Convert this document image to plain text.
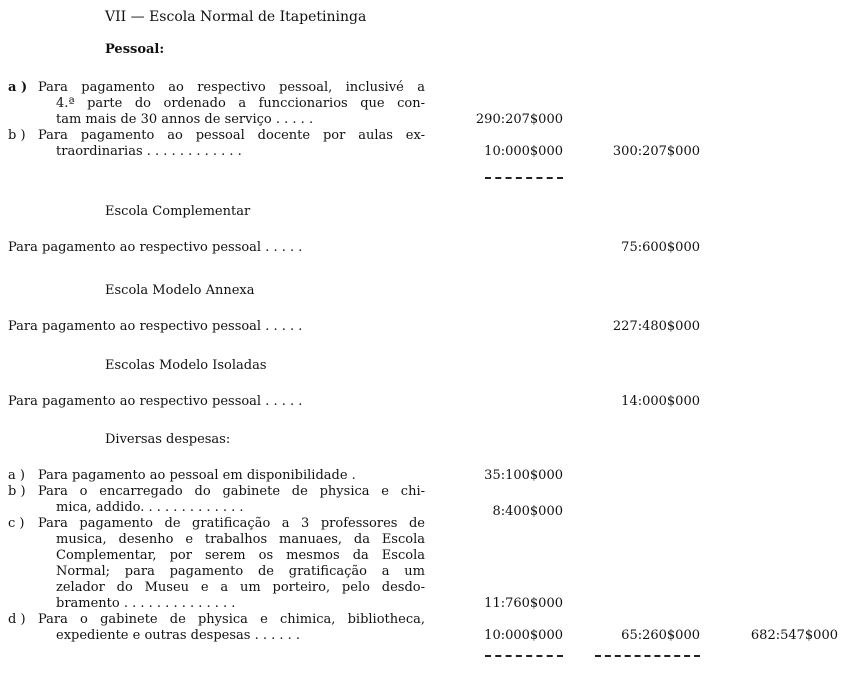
VII — Escola Normal de Itapetininga
Pessoal:
a ) Para pagamento ao respectivo pessoal, inclusivé a
4.ª parte do ordenado a funccionarios que con-
tam mais de 30 annos de serviço . . . . .	290:207$000
b ) Para pagamento ao pessoal docente por aulas ex-
traordinarias . . . . . . . . . . . .	10:000$000	300:207$000
Escola Complementar
Para pagamento ao respectivo pessoal . . . . .	75:600$000
Escola Modelo Annexa
Para pagamento ao respectivo pessoal . . . . .	227:480$000
Escolas Modelo Isoladas
Para pagamento ao respectivo pessoal . . . . .	14:000$000
Diversas despesas:
a ) Para pagamento ao pessoal em disponibilidade .	35:100$000
b ) Para o encarregado do gabinete de physica e chi-
mica, addido. . . . . . . . . . . . .	8:400$000
c ) Para pagamento de gratificação a 3 professores de
musica, desenho e trabalhos manuaes, da Escola
Complementar, por serem os mesmos da Escola
Normal; para pagamento de gratificação a um
zelador do Museu e a um porteiro, pelo desdo-
bramento . . . . . . . . . . . . . .	11:760$000
d ) Para o gabinete de physica e chimica, bibliotheca,
expediente e outras despesas . . . . . .	10:000$000	65:260$000	682:547$000
